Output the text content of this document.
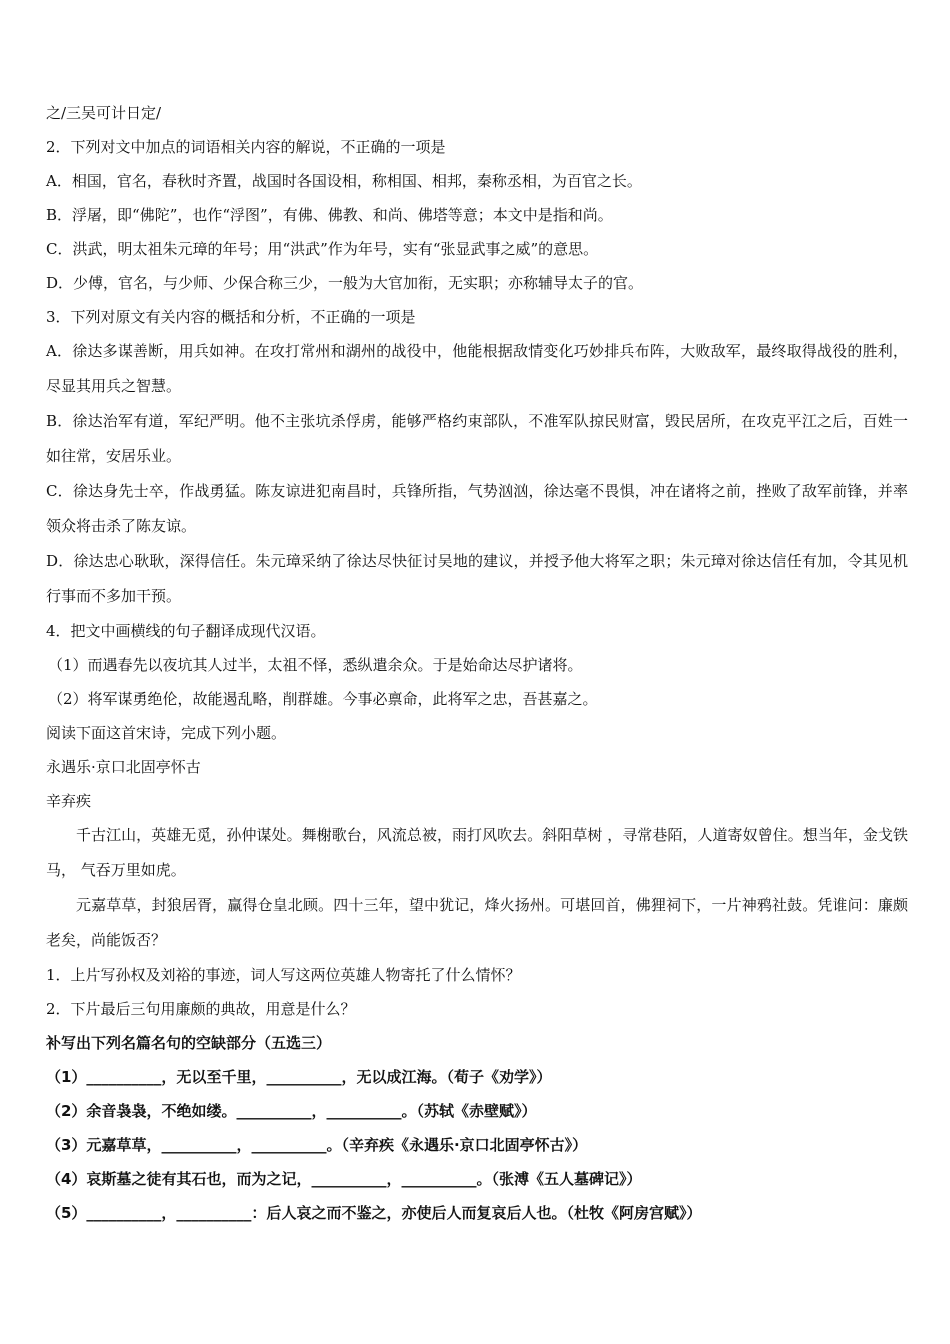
之/三吴可计日定/
2．下列对文中加点的词语相关内容的解说，不正确的一项是
A．相国，官名，春秋时齐置，战国时各国设相，称相国、相邦，秦称丞相，为百官之长。
B．浮屠，即“佛陀”，也作“浮图”，有佛、佛教、和尚、佛塔等意；本文中是指和尚。
C．洪武，明太祖朱元璋的年号；用“洪武”作为年号，实有“张显武事之威”的意思。
D．少傅，官名，与少师、少保合称三少，一般为大官加衔，无实职；亦称辅导太子的官。
3．下列对原文有关内容的概括和分析，不正确的一项是
A．徐达多谋善断，用兵如神。在攻打常州和湖州的战役中，他能根据敌情变化巧妙排兵布阵，大败敌军，最终取得战役的胜利，尽显其用兵之智慧。
B．徐达治军有道，军纪严明。他不主张坑杀俘虏，能够严格约束部队，不准军队掠民财富，毁民居所，在攻克平江之后，百姓一如往常，安居乐业。
C．徐达身先士卒，作战勇猛。陈友谅进犯南昌时，兵锋所指，气势汹汹，徐达毫不畏惧，冲在诸将之前，挫败了敌军前锋，并率领众将击杀了陈友谅。
D．徐达忠心耿耿，深得信任。朱元璋采纳了徐达尽快征讨吴地的建议，并授予他大将军之职；朱元璋对徐达信任有加，令其见机行事而不多加干预。
4．把文中画横线的句子翻译成现代汉语。
（1）而遇春先以夜坑其人过半，太祖不怿，悉纵遣余众。于是始命达尽护诸将。
（2）将军谋勇绝伦，故能遏乱略，削群雄。今事必禀命，此将军之忠，吾甚嘉之。
阅读下面这首宋诗，完成下列小题。
永遇乐·京口北固亭怀古
辛弃疾
千古江山，英雄无觅，孙仲谋处。舞榭歌台，风流总被，雨打风吹去。斜阳草树 ，寻常巷陌，人道寄奴曾住。想当年，金戈铁马， 气吞万里如虎。
元嘉草草，封狼居胥，赢得仓皇北顾。四十三年，望中犹记，烽火扬州。可堪回首，佛狸祠下，一片神鸦社鼓。凭谁问：廉颇老矣，尚能饭否？
1．上片写孙权及刘裕的事迹，词人写这两位英雄人物寄托了什么情怀？
2．下片最后三句用廉颇的典故，用意是什么？
补写出下列名篇名句的空缺部分（五选三）
（1）__________，无以至千里，__________，无以成江海。（荀子《劝学》）
（2）余音袅袅，不绝如缕。__________，__________。（苏轼《赤壁赋》）
（3）元嘉草草，__________，__________。（辛弃疾《永遇乐·京口北固亭怀古》）
（4）哀斯墓之徒有其石也，而为之记，__________，__________。（张溥《五人墓碑记》）
（5）__________，__________：后人哀之而不鉴之，亦使后人而复哀后人也。（杜牧《阿房宫赋》）
